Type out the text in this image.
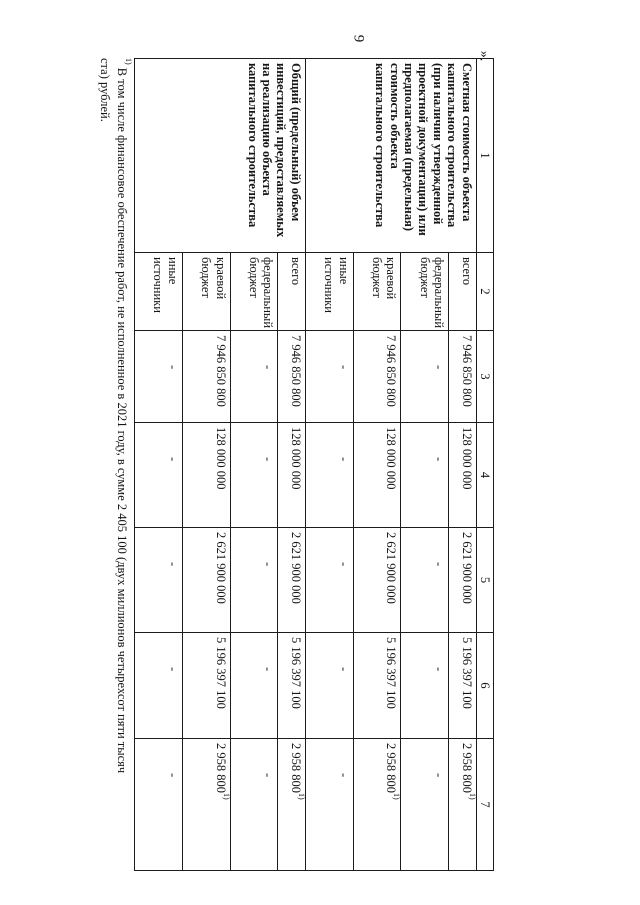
9
».
1	2	3	4	5	6	7
Сметная стоимость объекта капитального строительства (при наличии утвержденной проектной документации) или предполагаемая (предельная) стоимость объекта капитального строительства	всего	7 946 850 800	128 000 000	2 621 900 000	5 196 397 100	2 958 800$^{1)}$
	федеральный бюджет	-	-	-	-	-
	краевой бюджет	7 946 850 800	128 000 000	2 621 900 000	5 196 397 100	2 958 800$^{1)}$
	иные источники	-	-	-	-	-
Общий (предельный) объем инвестиций, предоставляемых на реализацию объекта капитального строительства	всего	7 946 850 800	128 000 000	2 621 900 000	5 196 397 100	2 958 800$^{1)}$
	федеральный бюджет	-	-	-	-	-
	краевой бюджет	7 946 850 800	128 000 000	2 621 900 000	5 196 397 100	2 958 800$^{1)}$
	иные источники	-	-	-	-	-
$^{1)}$ В том числе финансовое обеспечение работ, не исполненное в 2021 году, в сумме 2 405 100 (двух миллионов четырехсот пяти тысяч
ста) рублей.
